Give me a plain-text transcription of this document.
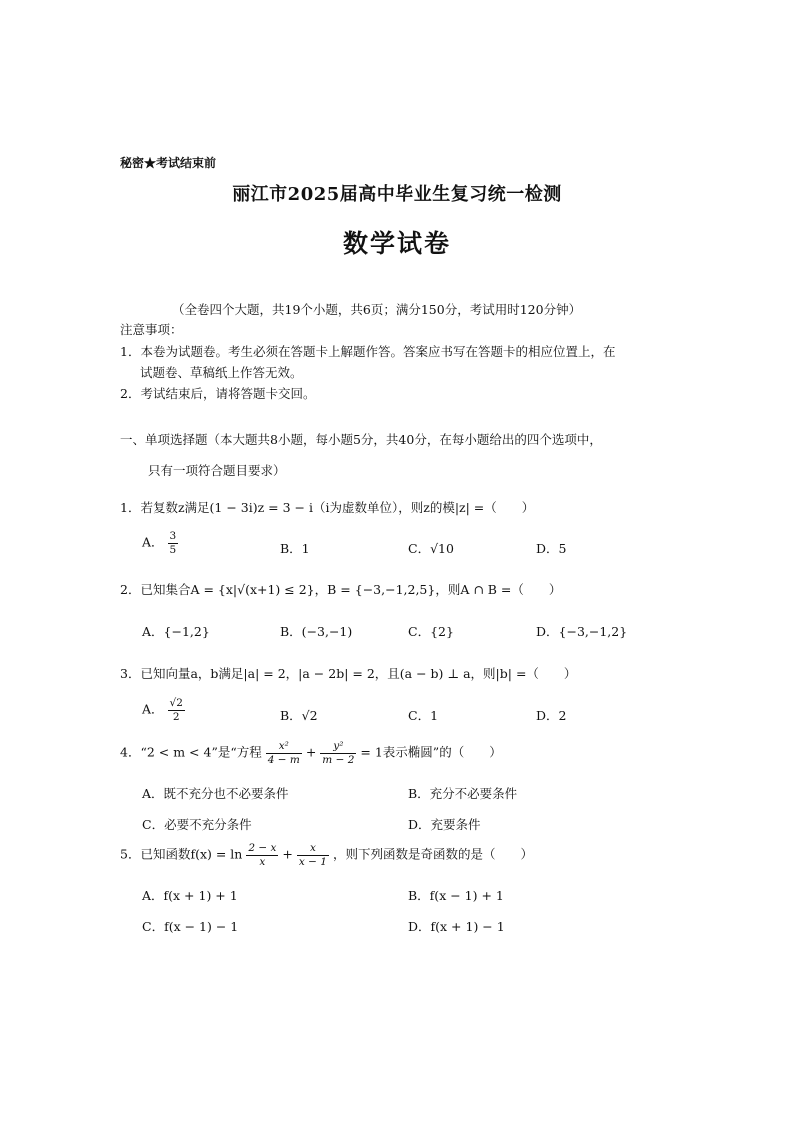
秘密★考试结束前
丽江市2025届高中毕业生复习统一检测
数学试卷
（全卷四个大题，共19个小题，共6页；满分150分，考试用时120分钟）
注意事项：
1．本卷为试题卷。考生必须在答题卡上解题作答。答案应书写在答题卡的相应位置上，在
试题卷、草稿纸上作答无效。
2．考试结束后，请将答题卡交回。
一、单项选择题（本大题共8小题，每小题5分，共40分，在每小题给出的四个选项中，
只有一项符合题目要求）
1．若复数z满足(1 − 3i)z = 3 − i（i为虚数单位），则z的模|z| =（　　）
A． $\frac{3}{5}$	B．1	C．√10	D．5
2．已知集合A = {x|√(x+1) ≤ 2}，B = {−3,−1,2,5}，则A ∩ B =（　　）
A．{−1,2}	B．(−3,−1)	C．{2}	D．{−3,−1,2}
3．已知向量a，b满足|a| = 2，|a − 2b| = 2，且(a − b) ⊥ a，则|b| =（　　）
A． $\frac{√2}{2}$	B．√2	C．1	D．2
4．“2 < m < 4”是“方程 $\frac{\text{x²}}{4 - m} + \frac{\text{y²}}{m - 2} = 1$表示椭圆”的（　　）
A．既不充分也不必要条件	B．充分不必要条件
C．必要不充分条件	D．充要条件
5．已知函数$f(x) = \ln \frac{2 - x}{x} + \frac{x}{x - 1}$ ，则下列函数是奇函数的是（　　）
A．f(x + 1) + 1	B．f(x − 1) + 1
C．f(x − 1) − 1	D．f(x + 1) − 1
